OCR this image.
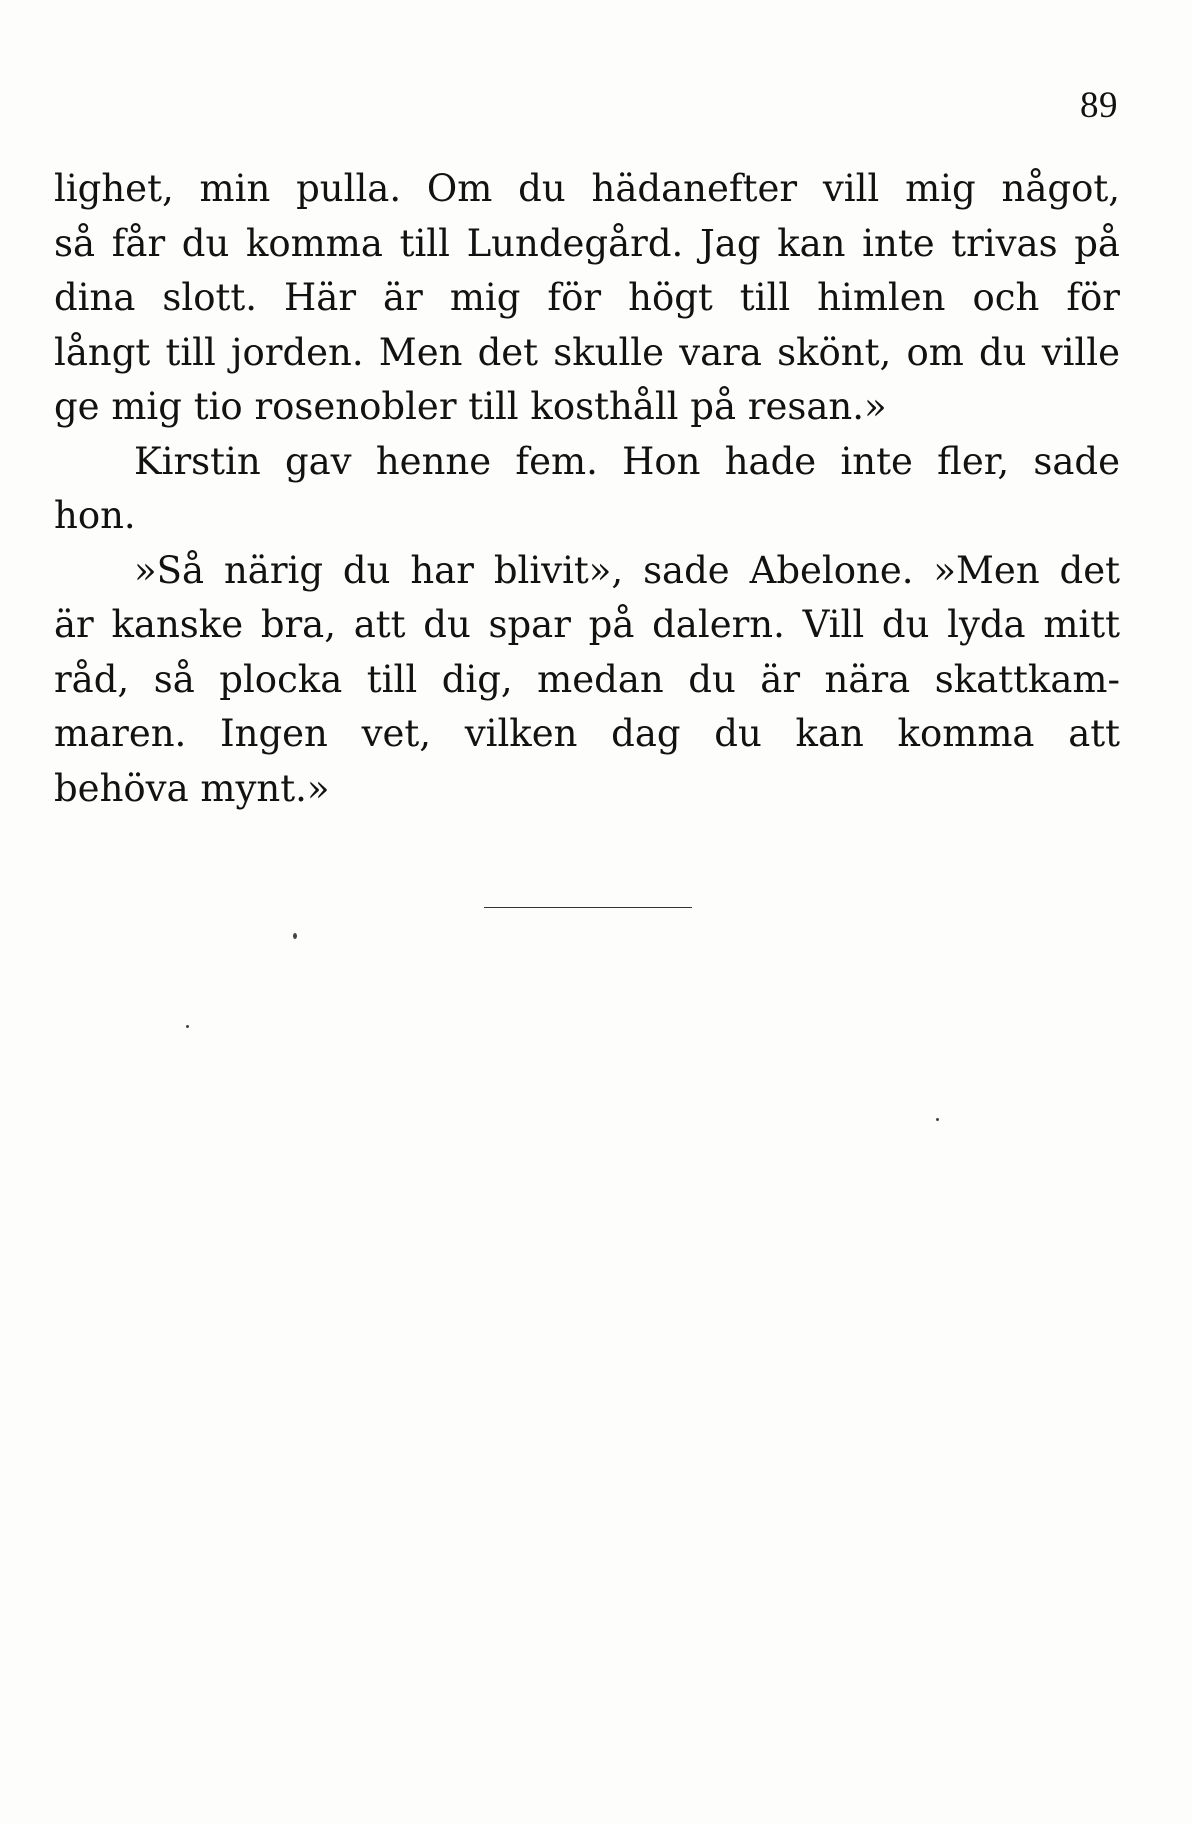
89
lighet, min pulla. Om du hädanefter vill mig något,
så får du komma till Lundegård. Jag kan inte trivas på
dina slott. Här är mig för högt till himlen och för
långt till jorden. Men det skulle vara skönt, om du ville
ge mig tio rosenobler till kosthåll på resan.»
Kirstin gav henne fem. Hon hade inte fler, sade
hon.
»Så närig du har blivit», sade Abelone. »Men det
är kanske bra, att du spar på dalern. Vill du lyda mitt
råd, så plocka till dig, medan du är nära skattkam-
maren. Ingen vet, vilken dag du kan komma att
behöva mynt.»
